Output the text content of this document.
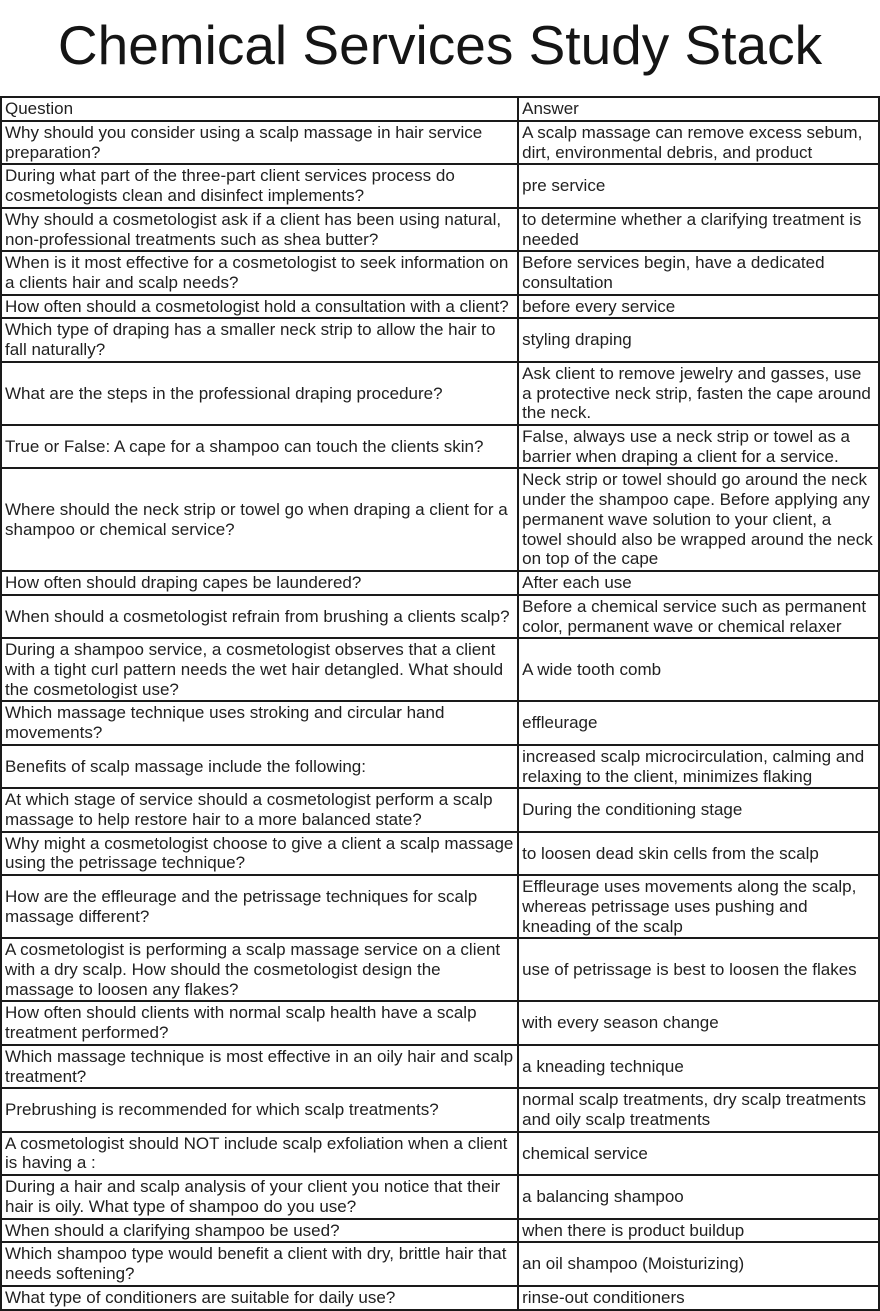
Chemical Services Study Stack
Question	Answer
Why should you consider using a scalp massage in hair service preparation?	A scalp massage can remove excess sebum, dirt, environmental debris, and product
During what part of the three-part client services process do cosmetologists clean and disinfect implements?	pre service
Why should a cosmetologist ask if a client has been using natural, non-professional treatments such as shea butter?	to determine whether a clarifying treatment is needed
When is it most effective for a cosmetologist to seek information on a clients hair and scalp needs?	Before services begin, have a dedicated consultation
How often should a cosmetologist hold a consultation with a client?	before every service
Which type of draping has a smaller neck strip to allow the hair to fall naturally?	styling draping
What are the steps in the professional draping procedure?	Ask client to remove jewelry and gasses, use a protective neck strip, fasten the cape around the neck.
True or False: A cape for a shampoo can touch the clients skin?	False, always use a neck strip or towel as a barrier when draping a client for a service.
Where should the neck strip or towel go when draping a client for a shampoo or chemical service?	Neck strip or towel should go around the neck under the shampoo cape. Before applying any permanent wave solution to your client, a towel should also be wrapped around the neck on top of the cape
How often should draping capes be laundered?	After each use
When should a cosmetologist refrain from brushing a clients scalp?	Before a chemical service such as permanent color, permanent wave or chemical relaxer
During a shampoo service, a cosmetologist observes that a client with a tight curl pattern needs the wet hair detangled. What should the cosmetologist use?	A wide tooth comb
Which massage technique uses stroking and circular hand movements?	effleurage
Benefits of scalp massage include the following:	increased scalp microcirculation, calming and relaxing to the client, minimizes flaking
At which stage of service should a cosmetologist perform a scalp massage to help restore hair to a more balanced state?	During the conditioning stage
Why might a cosmetologist choose to give a client a scalp massage using the petrissage technique?	to loosen dead skin cells from the scalp
How are the effleurage and the petrissage techniques for scalp massage different?	Effleurage uses movements along the scalp, whereas petrissage uses pushing and kneading of the scalp
A cosmetologist is performing a scalp massage service on a client with a dry scalp. How should the cosmetologist design the massage to loosen any flakes?	use of petrissage is best to loosen the flakes
How often should clients with normal scalp health have a scalp treatment performed?	with every season change
Which massage technique is most effective in an oily hair and scalp treatment?	a kneading technique
Prebrushing is recommended for which scalp treatments?	normal scalp treatments, dry scalp treatments and oily scalp treatments
A cosmetologist should NOT include scalp exfoliation when a client is having a :	chemical service
During a hair and scalp analysis of your client you notice that their hair is oily. What type of shampoo do you use?	a balancing shampoo
When should a clarifying shampoo be used?	when there is product buildup
Which shampoo type would benefit a client with dry, brittle hair that needs softening?	an oil shampoo (Moisturizing)
What type of conditioners are suitable for daily use?	rinse-out conditioners
